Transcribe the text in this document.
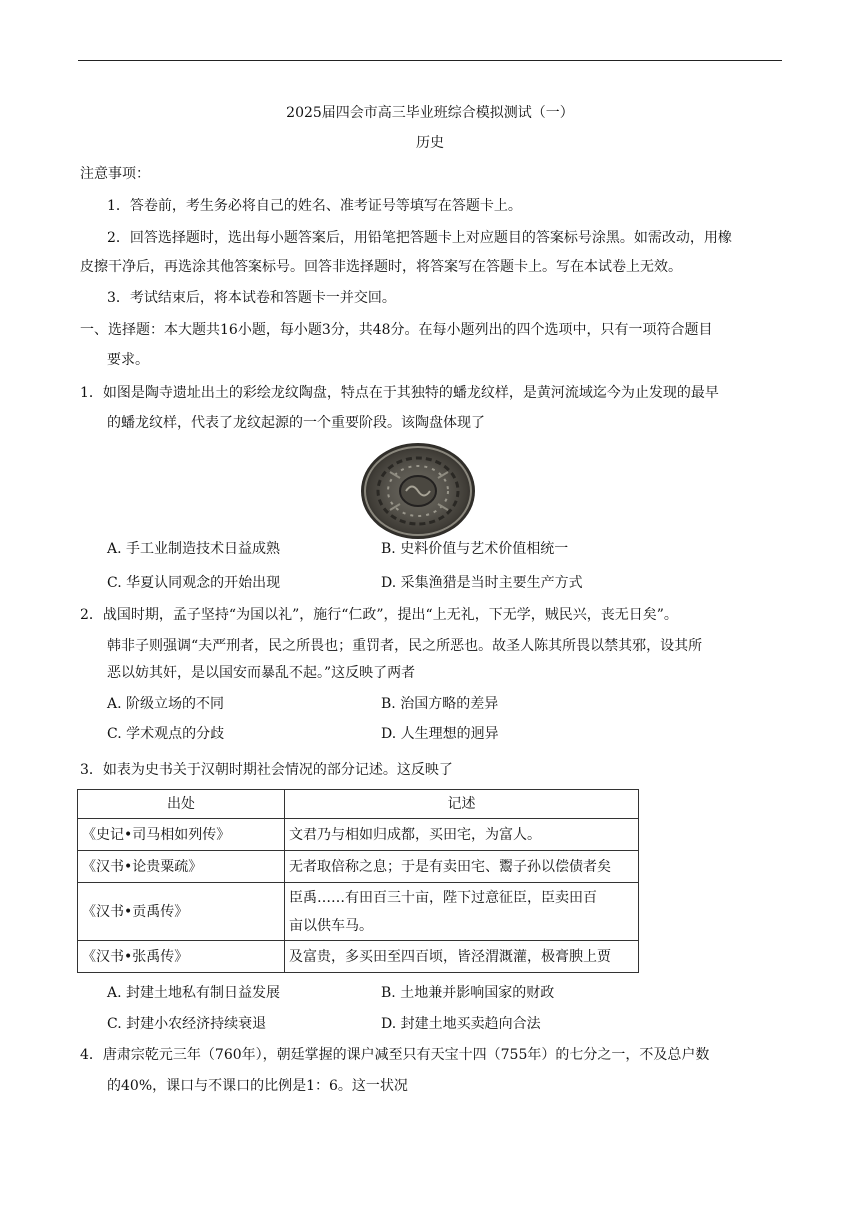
2025届四会市高三毕业班综合模拟测试（一）
历史
注意事项：
1．答卷前，考生务必将自己的姓名、准考证号等填写在答题卡上。
2．回答选择题时，选出每小题答案后，用铅笔把答题卡上对应题目的答案标号涂黑。如需改动，用橡
皮擦干净后，再选涂其他答案标号。回答非选择题时，将答案写在答题卡上。写在本试卷上无效。
3．考试结束后，将本试卷和答题卡一并交回。
一、选择题：本大题共16小题，每小题3分，共48分。在每小题列出的四个选项中，只有一项符合题目
要求。
1．如图是陶寺遗址出土的彩绘龙纹陶盘，特点在于其独特的蟠龙纹样，是黄河流域迄今为止发现的最早
的蟠龙纹样，代表了龙纹起源的一个重要阶段。该陶盘体现了
A. 手工业制造技术日益成熟	B. 史料价值与艺术价值相统一
C. 华夏认同观念的开始出现	D. 采集渔猎是当时主要生产方式
2．战国时期，孟子坚持“为国以礼”，施行“仁政”，提出“上无礼，下无学，贼民兴，丧无日矣”。
韩非子则强调“夫严刑者，民之所畏也；重罚者，民之所恶也。故圣人陈其所畏以禁其邪，设其所
恶以妨其奸，是以国安而暴乱不起。”这反映了两者
A. 阶级立场的不同	B. 治国方略的差异
C. 学术观点的分歧	D. 人生理想的迥异
3．如表为史书关于汉朝时期社会情况的部分记述。这反映了
出处	记述
《史记•司马相如列传》	文君乃与相如归成都，买田宅，为富人。
《汉书•论贵粟疏》	无者取倍称之息；于是有卖田宅、鬻子孙以偿债者矣
《汉书•贡禹传》	臣禹……有田百三十亩，陛下过意征臣，臣卖田百
亩以供车马。
《汉书•张禹传》	及富贵，多买田至四百顷，皆泾渭溉灌，极膏腴上贾
A. 封建土地私有制日益发展	B. 土地兼并影响国家的财政
C. 封建小农经济持续衰退	D. 封建土地买卖趋向合法
4．唐肃宗乾元三年（760年），朝廷掌握的课户减至只有天宝十四（755年）的七分之一，不及总户数
的40%，课口与不课口的比例是1：6。这一状况
